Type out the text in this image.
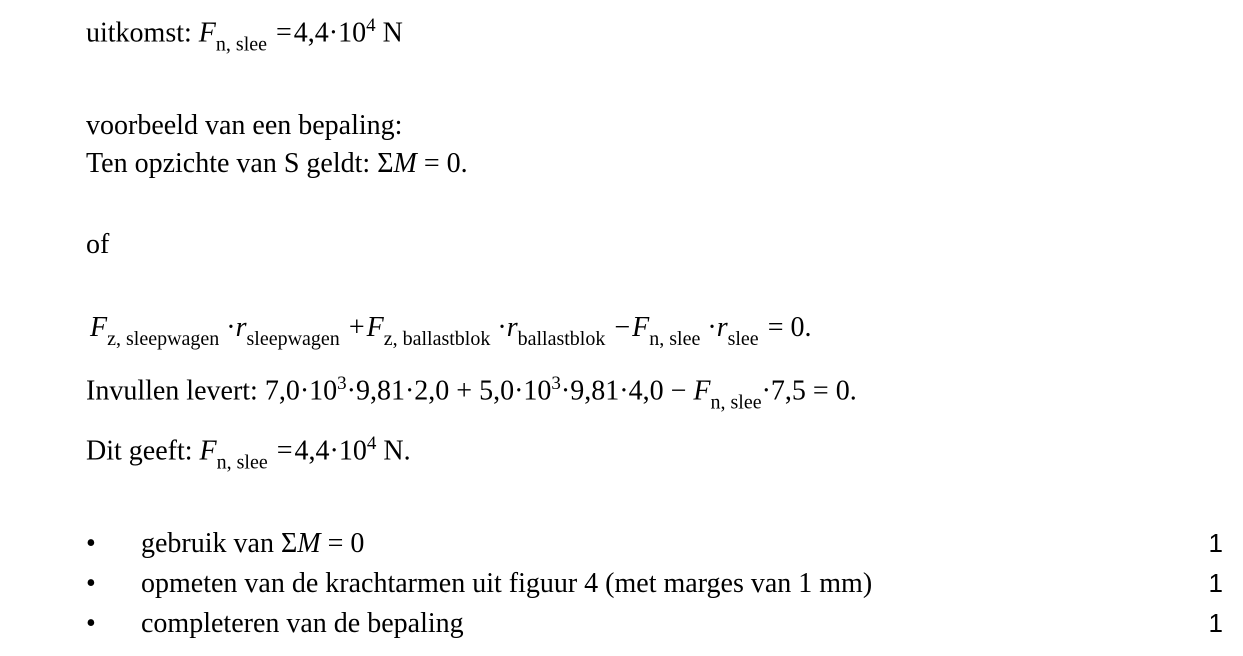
uitkomst: $F_{n, slee} =4,4\cdot 10^4$ N
voorbeeld van een bepaling:
Ten opzichte van S geldt: ΣM = 0.
of
$F_{z, sleepwagen} \cdot r_{sleepwagen} +F_{z, ballastblok} \cdot r_{ballastblok} -F_{n, slee} \cdot r_{slee} = 0$.
Invullen levert: $7,0\cdot 10^3\cdot 9,81\cdot 2,0 + 5,0\cdot 10^3\cdot 9,81\cdot 4,0 - F_{n, slee}\cdot 7,5 = 0$.
Dit geeft: $F_{n, slee} =4,4\cdot 10^4$ N.
• gebruik van ΣM = 0	1
• opmeten van de krachtarmen uit figuur 4 (met marges van 1 mm)	1
• completeren van de bepaling	1
